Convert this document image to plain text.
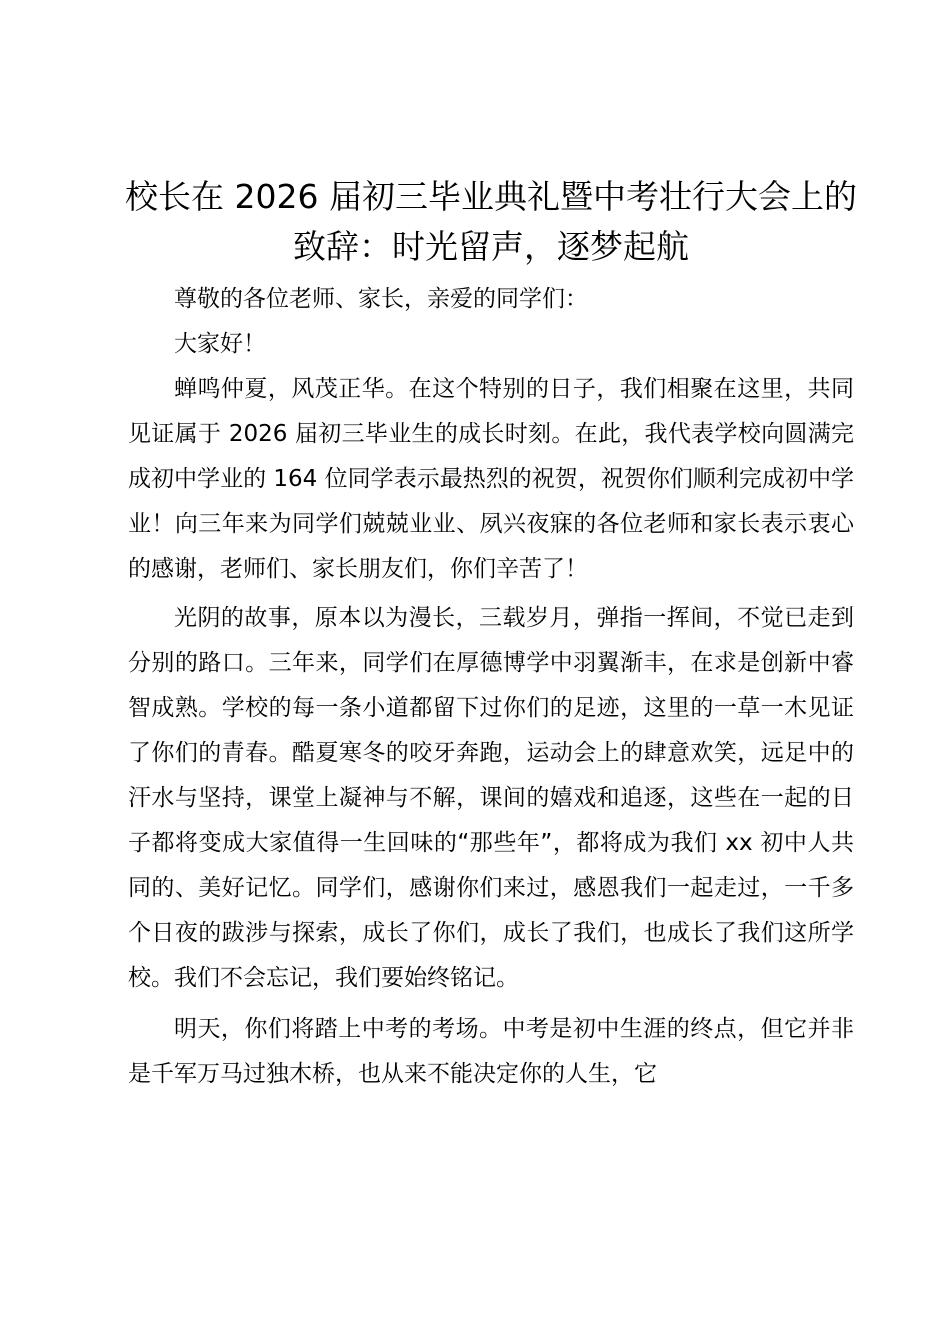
校长在 2026 届初三毕业典礼暨中考壮行大会上的致辞：时光留声，逐梦起航

尊敬的各位老师、家长，亲爱的同学们：

大家好！

蝉鸣仲夏，风茂正华。在这个特别的日子，我们相聚在这里，共同见证属于 2026 届初三毕业生的成长时刻。在此，我代表学校向圆满完成初中学业的 164 位同学表示最热烈的祝贺，祝贺你们顺利完成初中学业！向三年来为同学们兢兢业业、夙兴夜寐的各位老师和家长表示衷心的感谢，老师们、家长朋友们，你们辛苦了！

光阴的故事，原本以为漫长，三载岁月，弹指一挥间，不觉已走到分别的路口。三年来，同学们在厚德博学中羽翼渐丰，在求是创新中睿智成熟。学校的每一条小道都留下过你们的足迹，这里的一草一木见证了你们的青春。酷夏寒冬的咬牙奔跑，运动会上的肆意欢笑，远足中的汗水与坚持，课堂上凝神与不解，课间的嬉戏和追逐，这些在一起的日子都将变成大家值得一生回味的“那些年”，都将成为我们 xx 初中人共同的、美好记忆。同学们，感谢你们来过，感恩我们一起走过，一千多个日夜的跋涉与探索，成长了你们，成长了我们，也成长了我们这所学校。我们不会忘记，我们要始终铭记。

明天，你们将踏上中考的考场。中考是初中生涯的终点，但它并非是千军万马过独木桥，也从来不能决定你的人生，它
